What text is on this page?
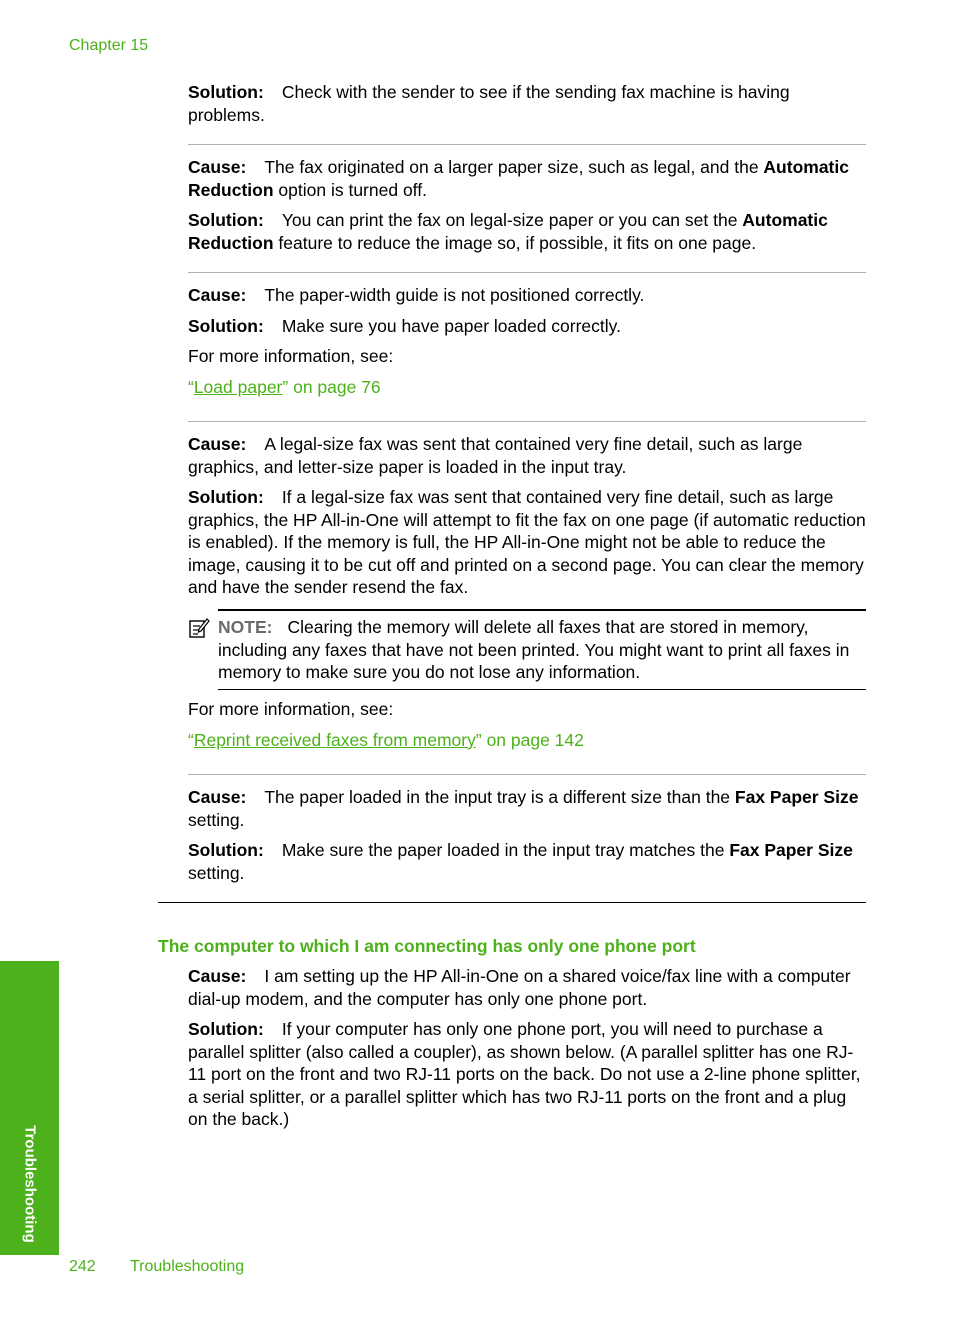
Chapter 15

Solution: Check with the sender to see if the sending fax machine is having problems.

Cause: The fax originated on a larger paper size, such as legal, and the Automatic Reduction option is turned off.

Solution: You can print the fax on legal-size paper or you can set the Automatic Reduction feature to reduce the image so, if possible, it fits on one page.

Cause: The paper-width guide is not positioned correctly.

Solution: Make sure you have paper loaded correctly.

For more information, see:

“Load paper” on page 76

Cause: A legal-size fax was sent that contained very fine detail, such as large graphics, and letter-size paper is loaded in the input tray.

Solution: If a legal-size fax was sent that contained very fine detail, such as large graphics, the HP All-in-One will attempt to fit the fax on one page (if automatic reduction is enabled). If the memory is full, the HP All-in-One might not be able to reduce the image, causing it to be cut off and printed on a second page. You can clear the memory and have the sender resend the fax.

NOTE: Clearing the memory will delete all faxes that are stored in memory, including any faxes that have not been printed. You might want to print all faxes in memory to make sure you do not lose any information.

For more information, see:

“Reprint received faxes from memory” on page 142

Cause: The paper loaded in the input tray is a different size than the Fax Paper Size setting.

Solution: Make sure the paper loaded in the input tray matches the Fax Paper Size setting.

The computer to which I am connecting has only one phone port

Cause: I am setting up the HP All-in-One on a shared voice/fax line with a computer dial-up modem, and the computer has only one phone port.

Solution: If your computer has only one phone port, you will need to purchase a parallel splitter (also called a coupler), as shown below. (A parallel splitter has one RJ-11 port on the front and two RJ-11 ports on the back. Do not use a 2-line phone splitter, a serial splitter, or a parallel splitter which has two RJ-11 ports on the front and a plug on the back.)

Troubleshooting
242 Troubleshooting
